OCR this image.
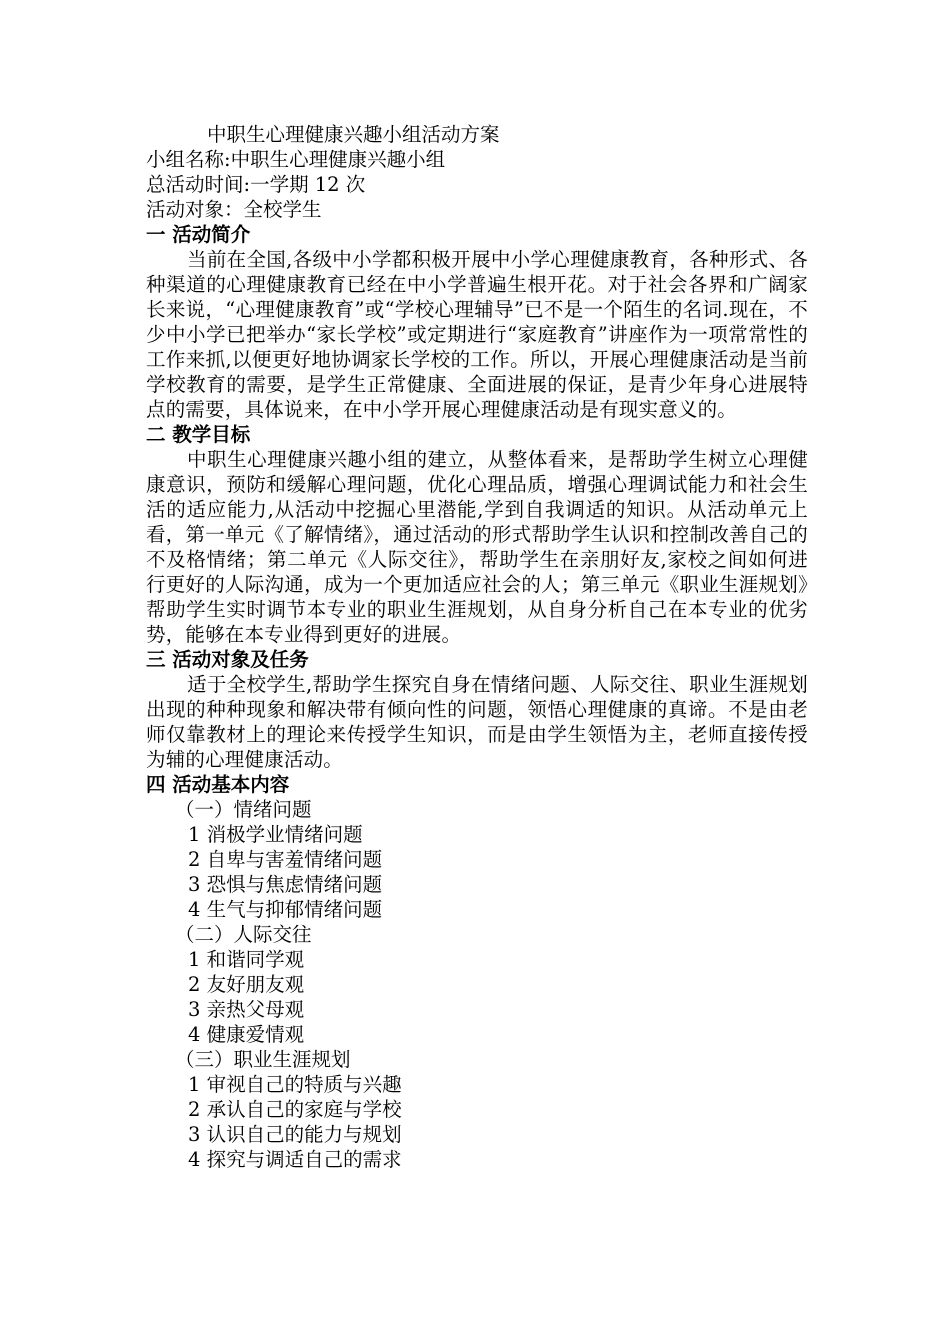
中职生心理健康兴趣小组活动方案
小组名称:中职生心理健康兴趣小组
总活动时间:一学期 12 次
活动对象：全校学生
一 活动简介

当前在全国,各级中小学都积极开展中小学心理健康教育，各种形式、各种渠道的心理健康教育已经在中小学普遍生根开花。对于社会各界和广阔家长来说，“心理健康教育”或“学校心理辅导”已不是一个陌生的名词.现在，不少中小学已把举办“家长学校”或定期进行“家庭教育”讲座作为一项常常性的工作来抓,以便更好地协调家长学校的工作。所以，开展心理健康活动是当前学校教育的需要，是学生正常健康、全面进展的保证，是青少年身心进展特点的需要，具体说来，在中小学开展心理健康活动是有现实意义的。

二 教学目标

中职生心理健康兴趣小组的建立，从整体看来，是帮助学生树立心理健康意识，预防和缓解心理问题，优化心理品质，增强心理调试能力和社会生活的适应能力,从活动中挖掘心里潜能,学到自我调适的知识。从活动单元上看，第一单元《了解情绪》，通过活动的形式帮助学生认识和控制改善自己的不及格情绪；第二单元《人际交往》，帮助学生在亲朋好友,家校之间如何进行更好的人际沟通，成为一个更加适应社会的人；第三单元《职业生涯规划》帮助学生实时调节本专业的职业生涯规划，从自身分析自己在本专业的优劣势，能够在本专业得到更好的进展。

三 活动对象及任务

适于全校学生,帮助学生探究自身在情绪问题、人际交往、职业生涯规划出现的种种现象和解决带有倾向性的问题，领悟心理健康的真谛。不是由老师仅靠教材上的理论来传授学生知识，而是由学生领悟为主，老师直接传授为辅的心理健康活动。

四 活动基本内容
（一）情绪问题
1 消极学业情绪问题
2 自卑与害羞情绪问题
3 恐惧与焦虑情绪问题
4 生气与抑郁情绪问题
（二）人际交往
1 和谐同学观
2 友好朋友观
3 亲热父母观
4 健康爱情观
（三）职业生涯规划
1 审视自己的特质与兴趣
2 承认自己的家庭与学校
3 认识自己的能力与规划
4 探究与调适自己的需求
